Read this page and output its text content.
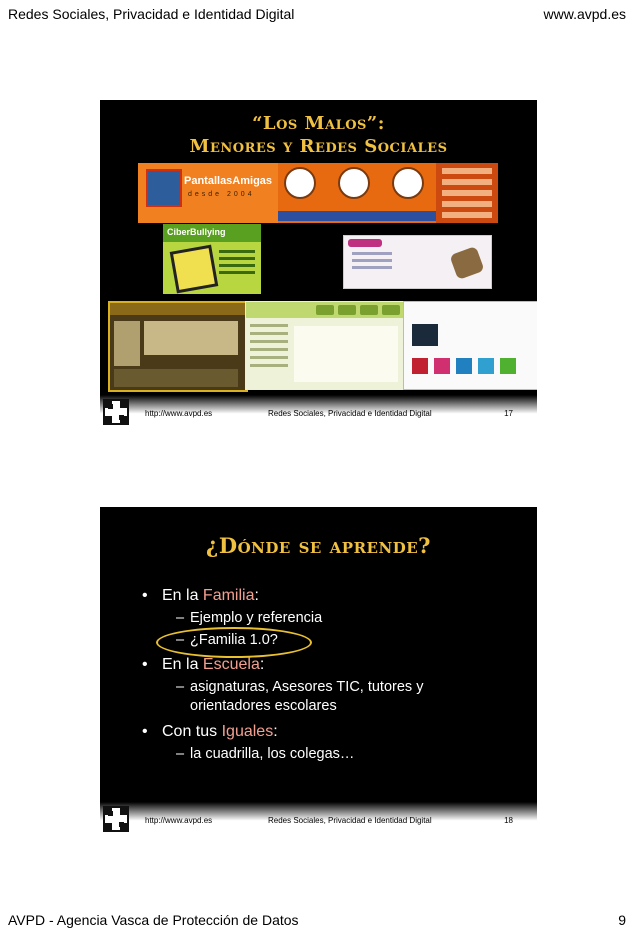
Redes Sociales, Privacidad e Identidad Digital	www.avpd.es
“Los Malos”:
Menores y Redes Sociales
PantallasAmigas
desde 2004
CiberBullying
http://www.avpd.es	Redes Sociales, Privacidad e Identidad Digital	17
¿Dónde se aprende?
• En la Familia:
– Ejemplo y referencia
– ¿Familia 1.0?
• En la Escuela:
– asignaturas, Asesores TIC, tutores y orientadores escolares
• Con tus Iguales:
– la cuadrilla, los colegas…
http://www.avpd.es	Redes Sociales, Privacidad e Identidad Digital	18
AVPD - Agencia Vasca de Protección de Datos	9
